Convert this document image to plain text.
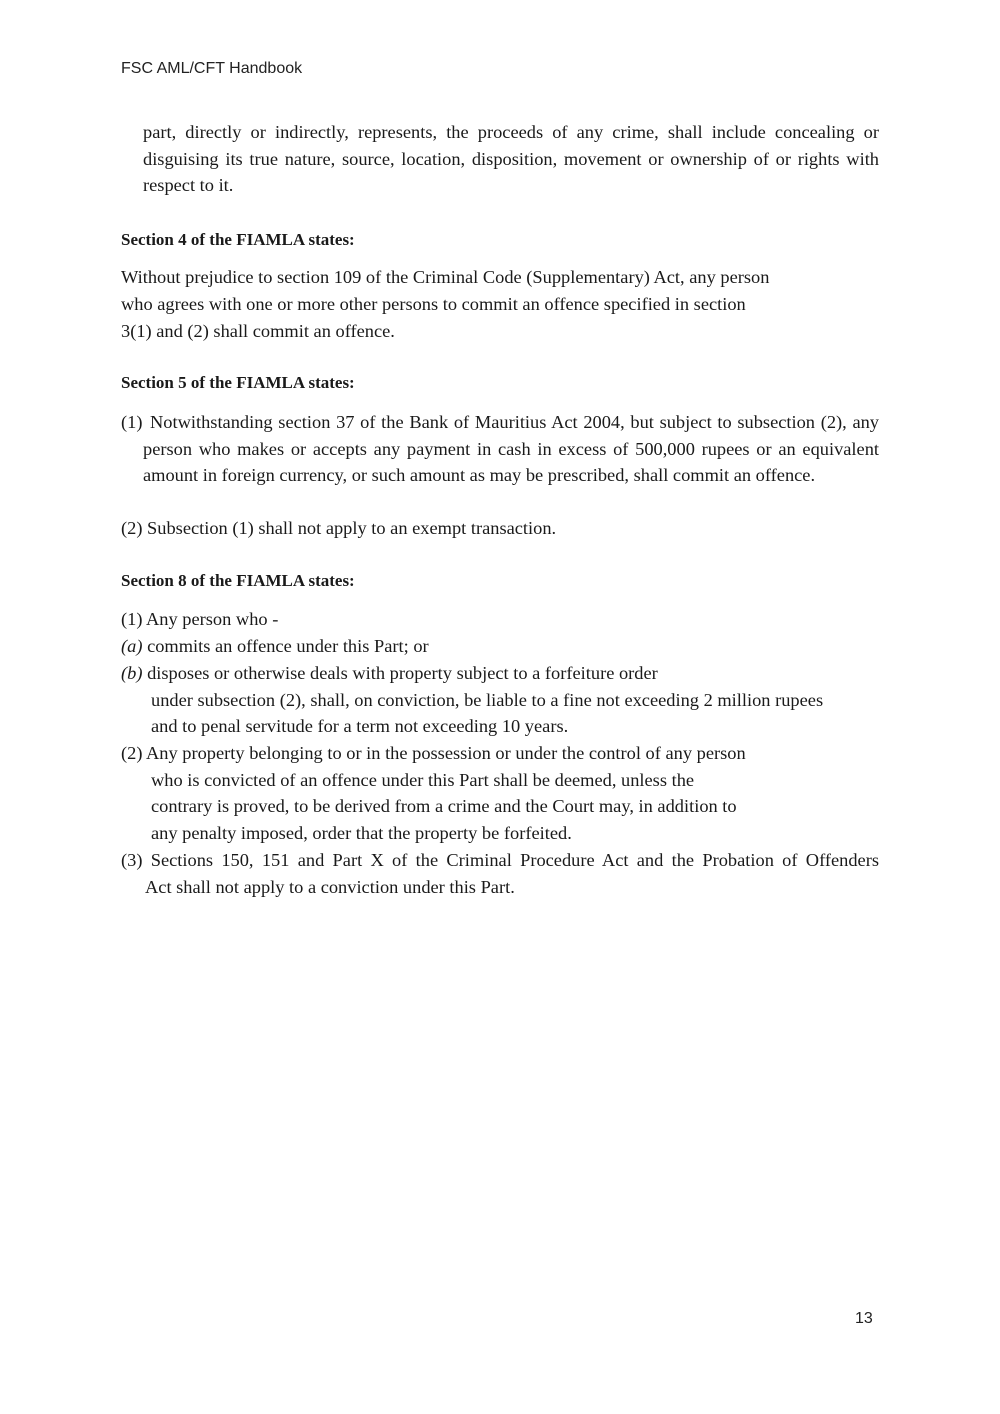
FSC AML/CFT Handbook

part, directly or indirectly, represents, the proceeds of any crime, shall include concealing or disguising its true nature, source, location, disposition, movement or ownership of or rights with respect to it.

Section 4 of the FIAMLA states:
Without prejudice to section 109 of the Criminal Code (Supplementary) Act, any person
who agrees with one or more other persons to commit an offence specified in section
3(1) and (2) shall commit an offence.
Section 5 of the FIAMLA states:
(1) Notwithstanding section 37 of the Bank of Mauritius Act 2004, but subject to subsection (2), any person who makes or accepts any payment in cash in excess of 500,000 rupees or an equivalent amount in foreign currency, or such amount as may be prescribed, shall commit an offence.

(2) Subsection (1) shall not apply to an exempt transaction.
Section 8 of the FIAMLA states:
(1) Any person who -
(a) commits an offence under this Part; or
(b) disposes or otherwise deals with property subject to a forfeiture order
under subsection (2), shall, on conviction, be liable to a fine not exceeding 2 million rupees
and to penal servitude for a term not exceeding 10 years.
(2) Any property belonging to or in the possession or under the control of any person
who is convicted of an offence under this Part shall be deemed, unless the
contrary is proved, to be derived from a crime and the Court may, in addition to
any penalty imposed, order that the property be forfeited.
(3) Sections 150, 151 and Part X of the Criminal Procedure Act and the Probation of Offenders
Act shall not apply to a conviction under this Part.
13
